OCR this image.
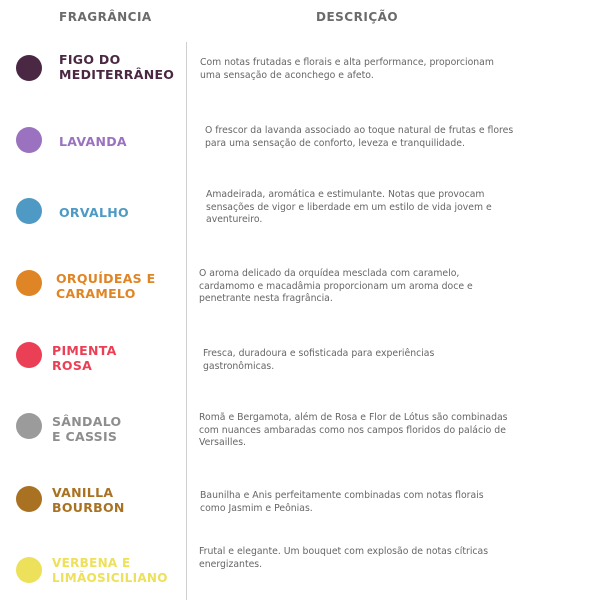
FRAGRÂNCIA	DESCRIÇÃO
FIGO DO
MEDITERRÂNEO
Com notas frutadas e florais e alta performance, proporcionam uma sensação de aconchego e afeto.
LAVANDA
O frescor da lavanda associado ao toque natural de frutas e flores para uma sensação de conforto, leveza e tranquilidade.
ORVALHO
Amadeirada, aromática e estimulante. Notas que provocam sensações de vigor e liberdade em um estilo de vida jovem e aventureiro.
ORQUÍDEAS E
CARAMELO
O aroma delicado da orquídea mesclada com caramelo, cardamomo e macadâmia proporcionam um aroma doce e penetrante nesta fragrância.
PIMENTA
ROSA
Fresca, duradoura e sofisticada para experiências gastronômicas.
SÂNDALO
E CASSIS
Romã e Bergamota, além de Rosa e Flor de Lótus são combinadas com nuances ambaradas como nos campos floridos do palácio de Versailles.
VANILLA
BOURBON
Baunilha e Anis perfeitamente combinadas com notas florais como Jasmim e Peônias.
VERBENA E
LIMÃOSICILIANO
Frutal e elegante. Um bouquet com explosão de notas cítricas energizantes.
